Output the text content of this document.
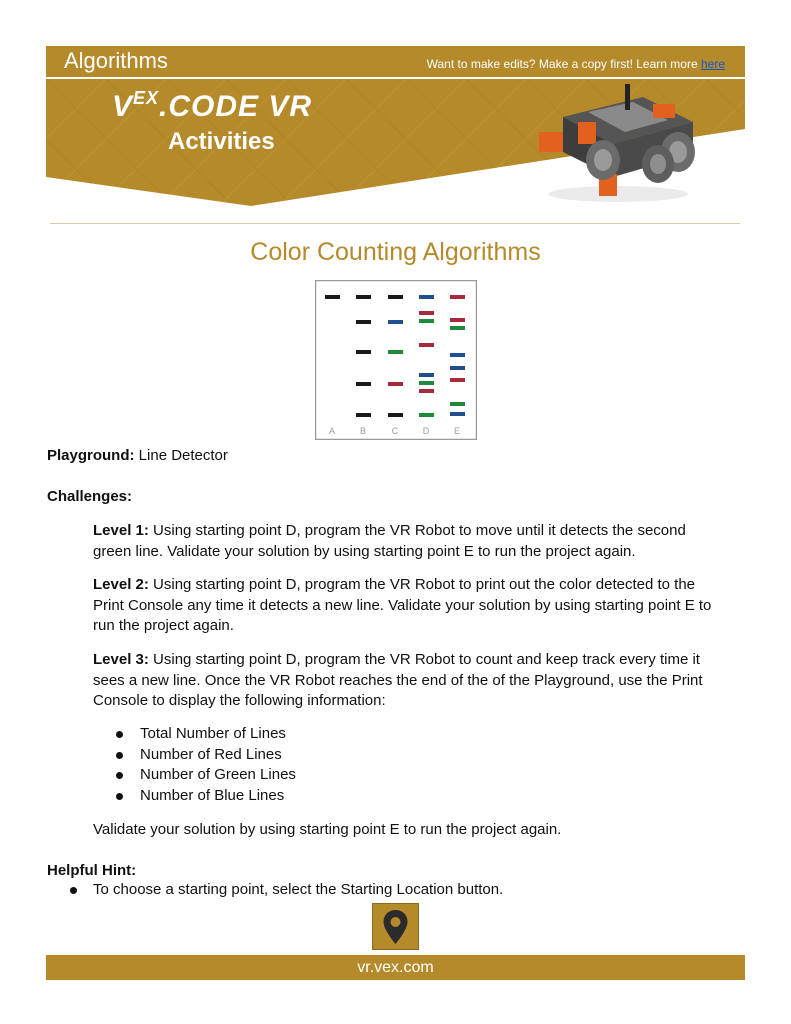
Algorithms	Want to make edits? Make a copy first! Learn more here
$V^{EX}.CODE$ VR
Activities
Color Counting Algorithms
A	B	C	D	E
Playground: Line Detector
Challenges:
Level 1: Using starting point D, program the VR Robot to move until it detects the second
green line. Validate your solution by using starting point E to run the project again.
Level 2: Using starting point D, program the VR Robot to print out the color detected to the
Print Console any time it detects a new line. Validate your solution by using starting point E to
run the project again.
Level 3: Using starting point D, program the VR Robot to count and keep track every time it
sees a new line. Once the VR Robot reaches the end of the of the Playground, use the Print
Console to display the following information:
Total Number of Lines
Number of Red Lines
Number of Green Lines
Number of Blue Lines
Validate your solution by using starting point E to run the project again.
Helpful Hint:
To choose a starting point, select the Starting Location button.
vr.vex.com
